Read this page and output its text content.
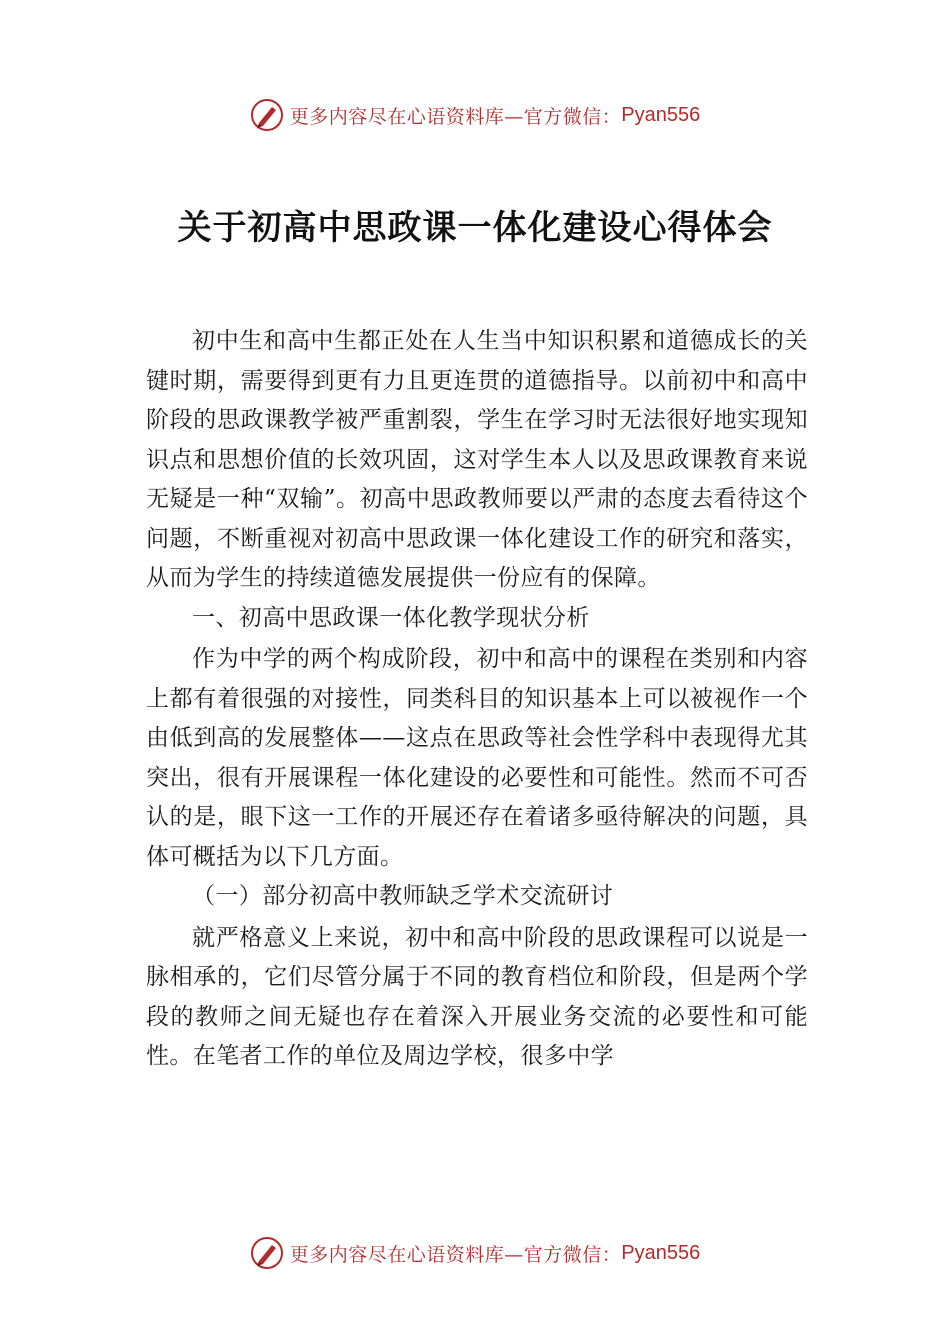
更多内容尽在心语资料库—官方微信： Pyan556
关于初高中思政课一体化建设心得体会

初中生和高中生都正处在人生当中知识积累和道德成长的关键时期，需要得到更有力且更连贯的道德指导。以前初中和高中阶段的思政课教学被严重割裂，学生在学习时无法很好地实现知识点和思想价值的长效巩固，这对学生本人以及思政课教育来说无疑是一种“双输”。初高中思政教师要以严肃的态度去看待这个问题，不断重视对初高中思政课一体化建设工作的研究和落实，从而为学生的持续道德发展提供一份应有的保障。

一、初高中思政课一体化教学现状分析

作为中学的两个构成阶段，初中和高中的课程在类别和内容上都有着很强的对接性，同类科目的知识基本上可以被视作一个由低到高的发展整体——这点在思政等社会性学科中表现得尤其突出，很有开展课程一体化建设的必要性和可能性。然而不可否认的是，眼下这一工作的开展还存在着诸多亟待解决的问题，具体可概括为以下几方面。

（一）部分初高中教师缺乏学术交流研讨

就严格意义上来说，初中和高中阶段的思政课程可以说是一脉相承的，它们尽管分属于不同的教育档位和阶段，但是两个学段的教师之间无疑也存在着深入开展业务交流的必要性和可能性。在笔者工作的单位及周边学校，很多中学

更多内容尽在心语资料库—官方微信： Pyan556
